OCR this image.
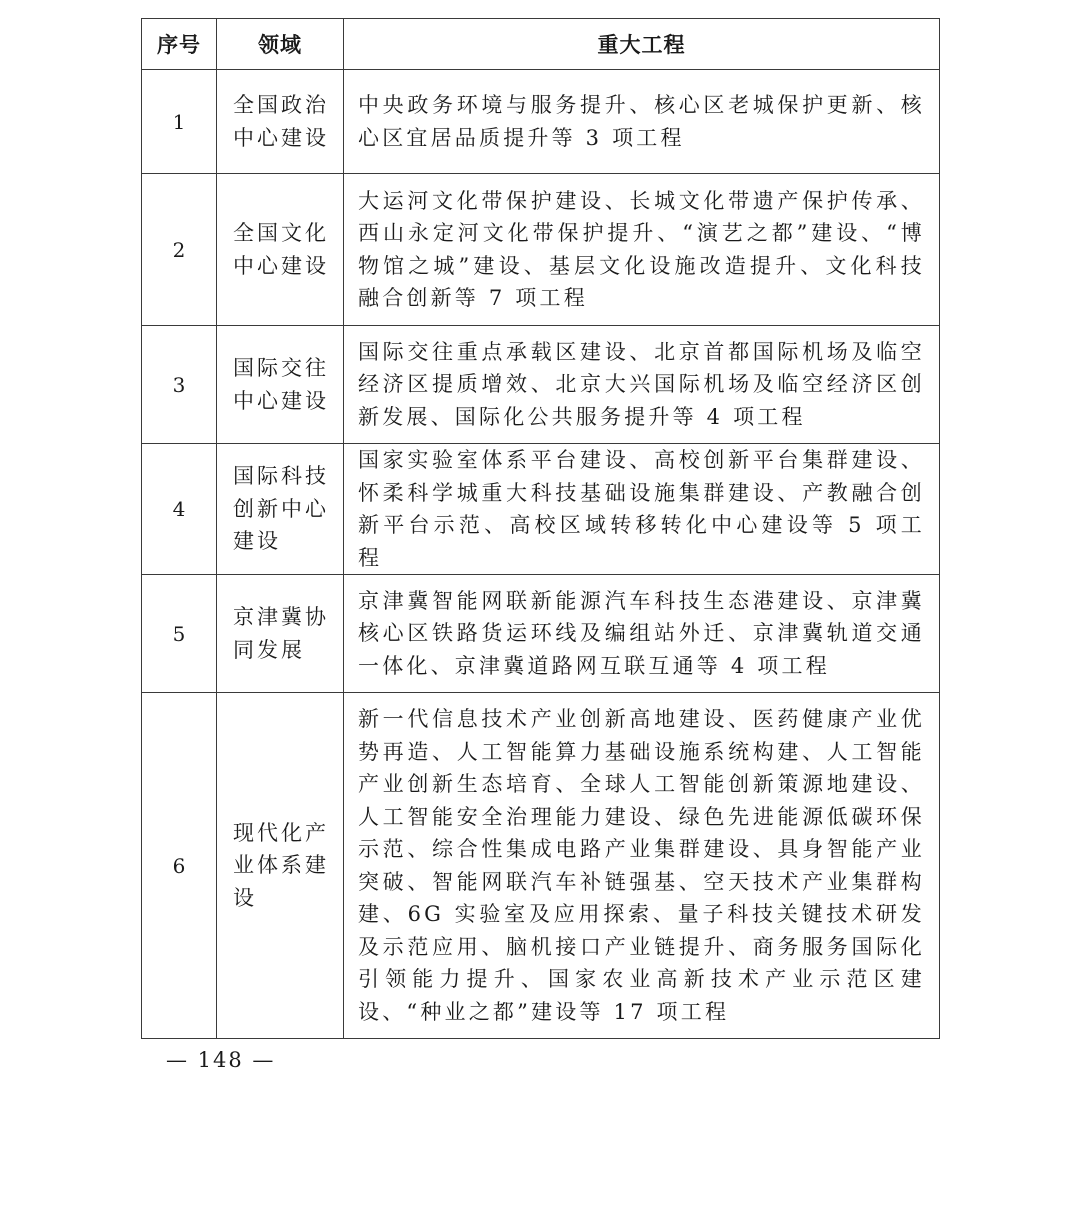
序号	领域	重大工程
1	全国政治中心建设	中央政务环境与服务提升、核心区老城保护更新、核心区宜居品质提升等 3 项工程
2	全国文化中心建设	大运河文化带保护建设、长城文化带遗产保护传承、西山永定河文化带保护提升、“演艺之都”建设、“博物馆之城”建设、基层文化设施改造提升、文化科技融合创新等 7 项工程
3	国际交往中心建设	国际交往重点承载区建设、北京首都国际机场及临空经济区提质增效、北京大兴国际机场及临空经济区创新发展、国际化公共服务提升等 4 项工程
4	国际科技创新中心建设	国家实验室体系平台建设、高校创新平台集群建设、怀柔科学城重大科技基础设施集群建设、产教融合创新平台示范、高校区域转移转化中心建设等 5 项工程
5	京津冀协同发展	京津冀智能网联新能源汽车科技生态港建设、京津冀核心区铁路货运环线及编组站外迁、京津冀轨道交通一体化、京津冀道路网互联互通等 4 项工程
6	现代化产业体系建设	新一代信息技术产业创新高地建设、医药健康产业优势再造、人工智能算力基础设施系统构建、人工智能产业创新生态培育、全球人工智能创新策源地建设、人工智能安全治理能力建设、绿色先进能源低碳环保示范、综合性集成电路产业集群建设、具身智能产业突破、智能网联汽车补链强基、空天技术产业集群构建、6G 实验室及应用探索、量子科技关键技术研发及示范应用、脑机接口产业链提升、商务服务国际化引领能力提升、国家农业高新技术产业示范区建设、“种业之都”建设等 17 项工程
— 148 —
